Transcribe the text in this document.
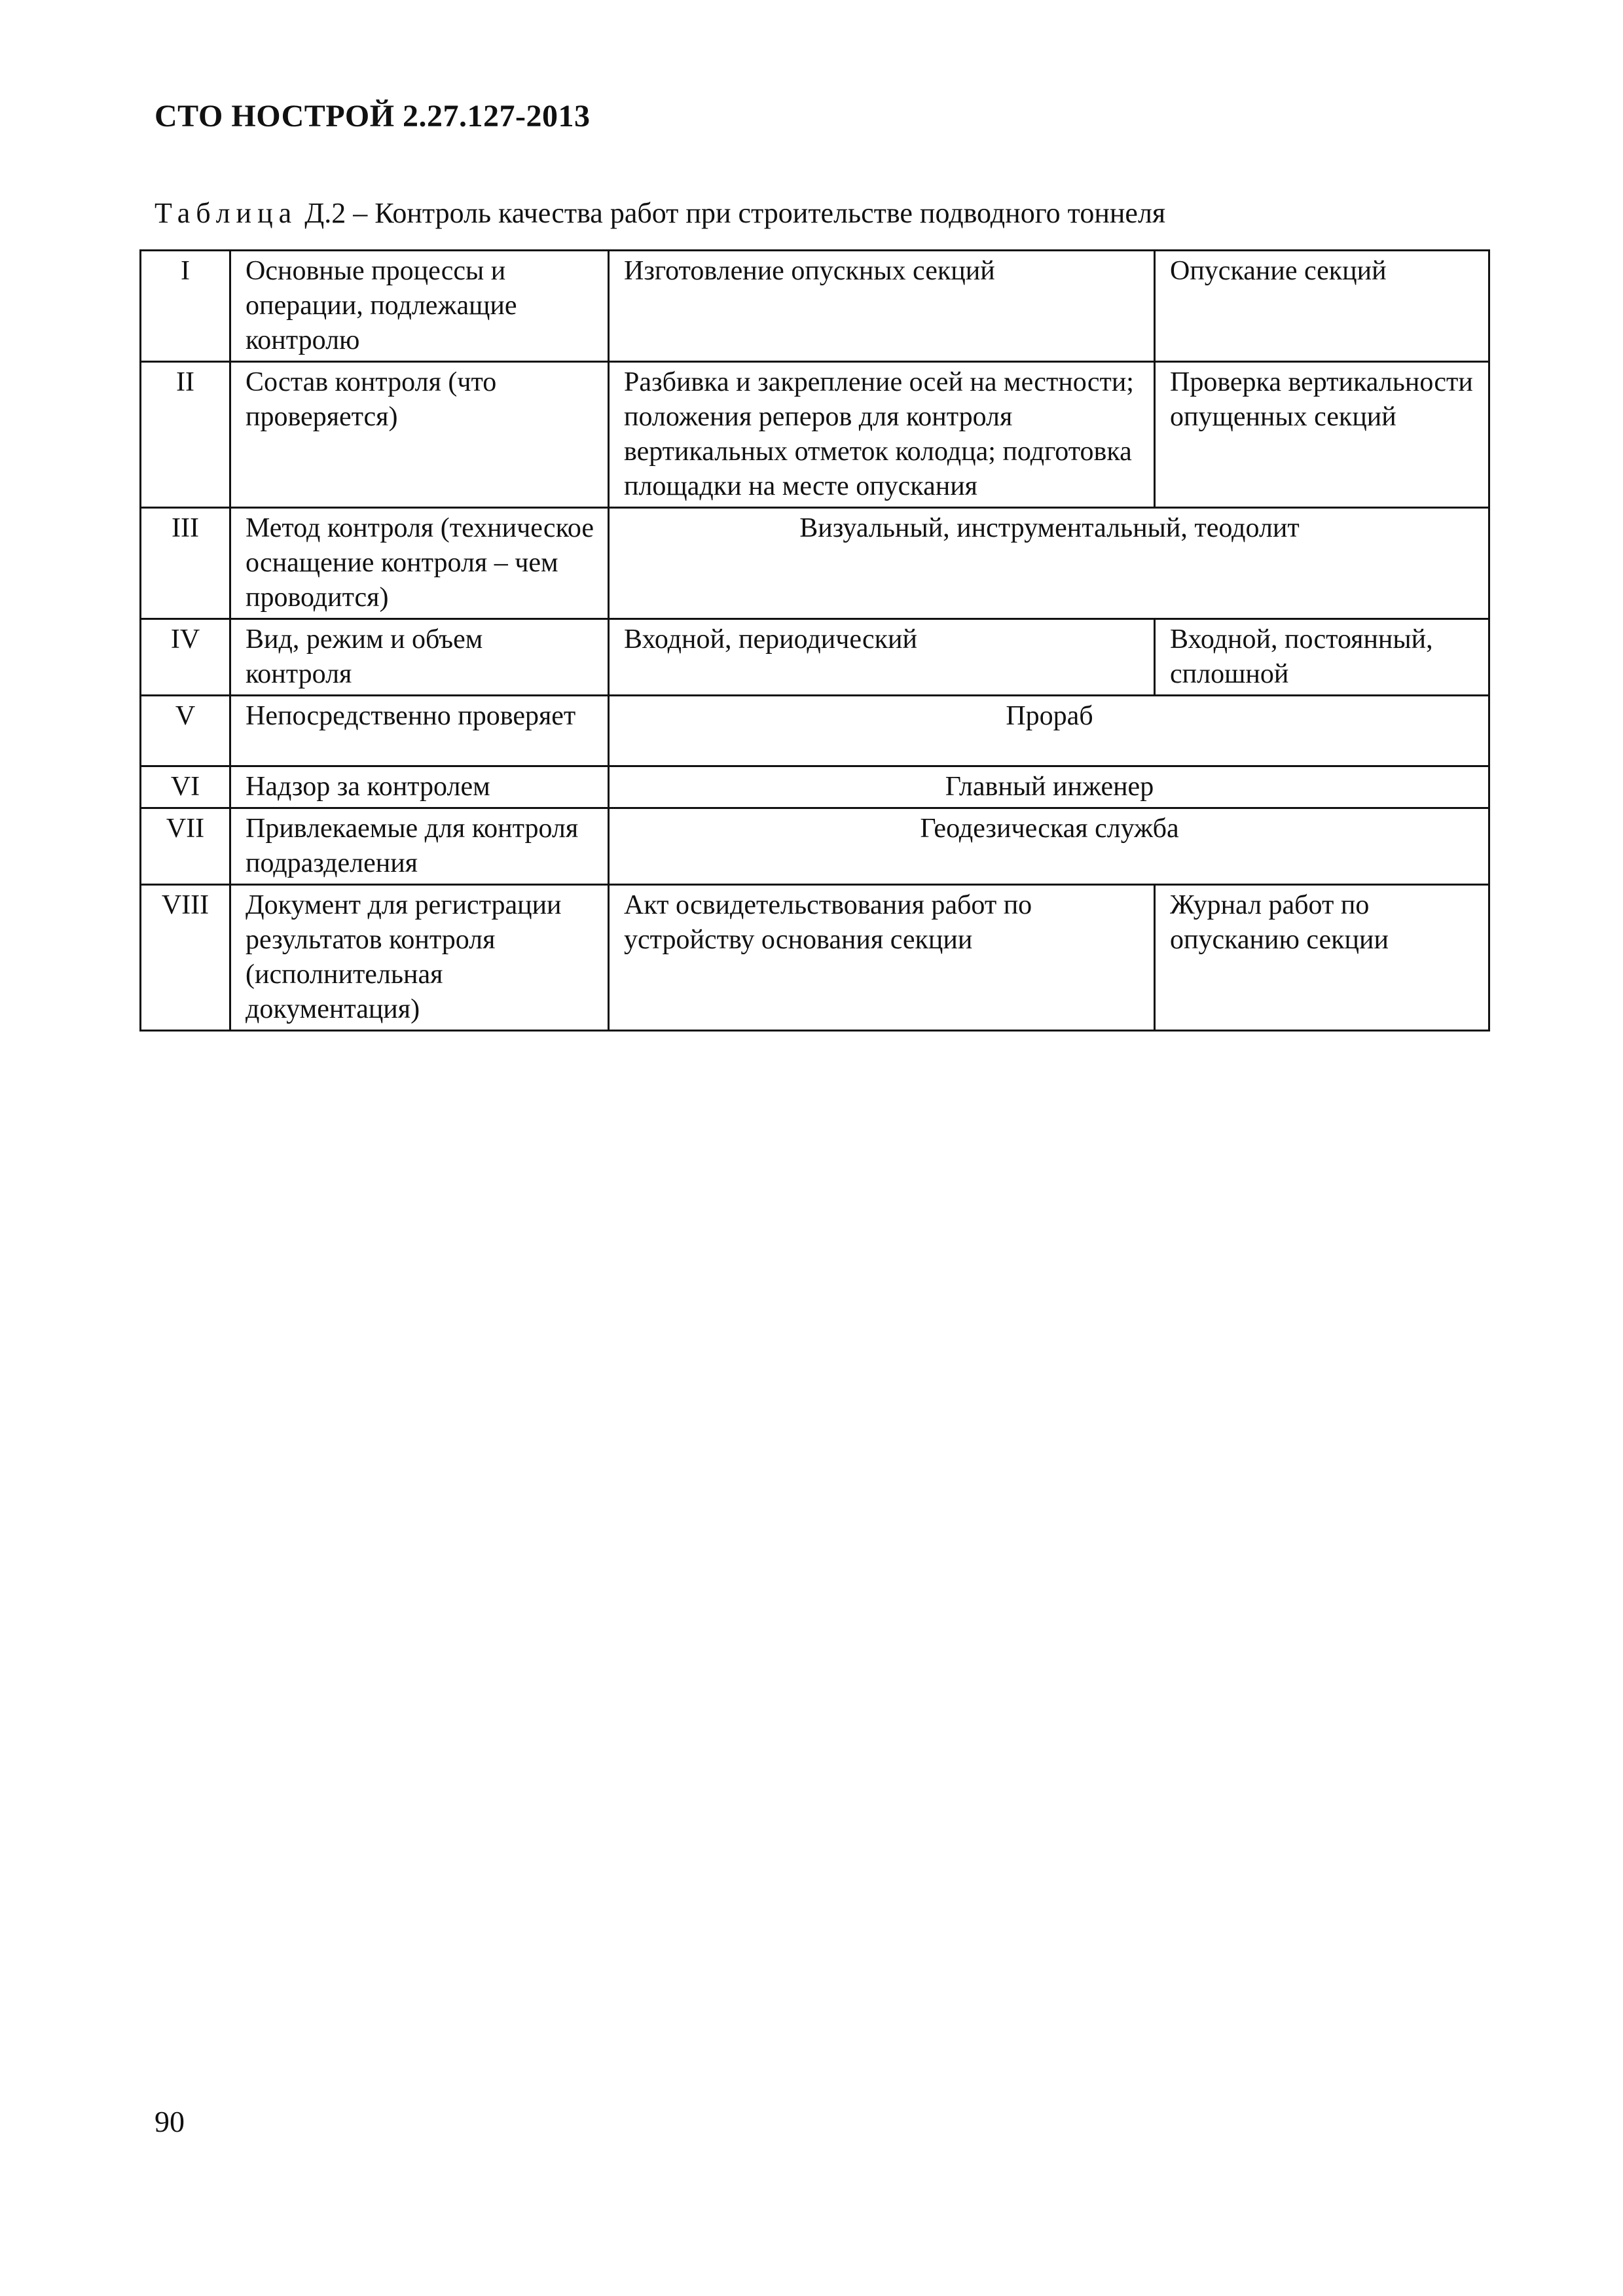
СТО НОСТРОЙ 2.27.127-2013
Таблица Д.2 – Контроль качества работ при строительстве подводного тоннеля
I	Основные процессы и операции, подлежащие контролю	Изготовление опускных секций	Опускание секций
II	Состав контроля (что проверяется)	Разбивка и закрепление осей на местности; положения реперов для контроля вертикальных отметок колодца; подготовка площадки на месте опускания	Проверка вертикальности опущенных секций
III	Метод контроля (техническое оснащение контроля – чем проводится)	Визуальный, инструментальный, теодолит	
IV	Вид, режим и объем контроля	Входной, периодический	Входной, постоянный, сплошной
V	Непосредственно проверяет	Прораб	
VI	Надзор за контролем	Главный инженер	
VII	Привлекаемые для контроля подразделения	Геодезическая служба	
VIII	Документ для регистрации результатов контроля (исполнительная документация)	Акт освидетельствования работ по устройству основания секции	Журнал работ по опусканию секции
90
